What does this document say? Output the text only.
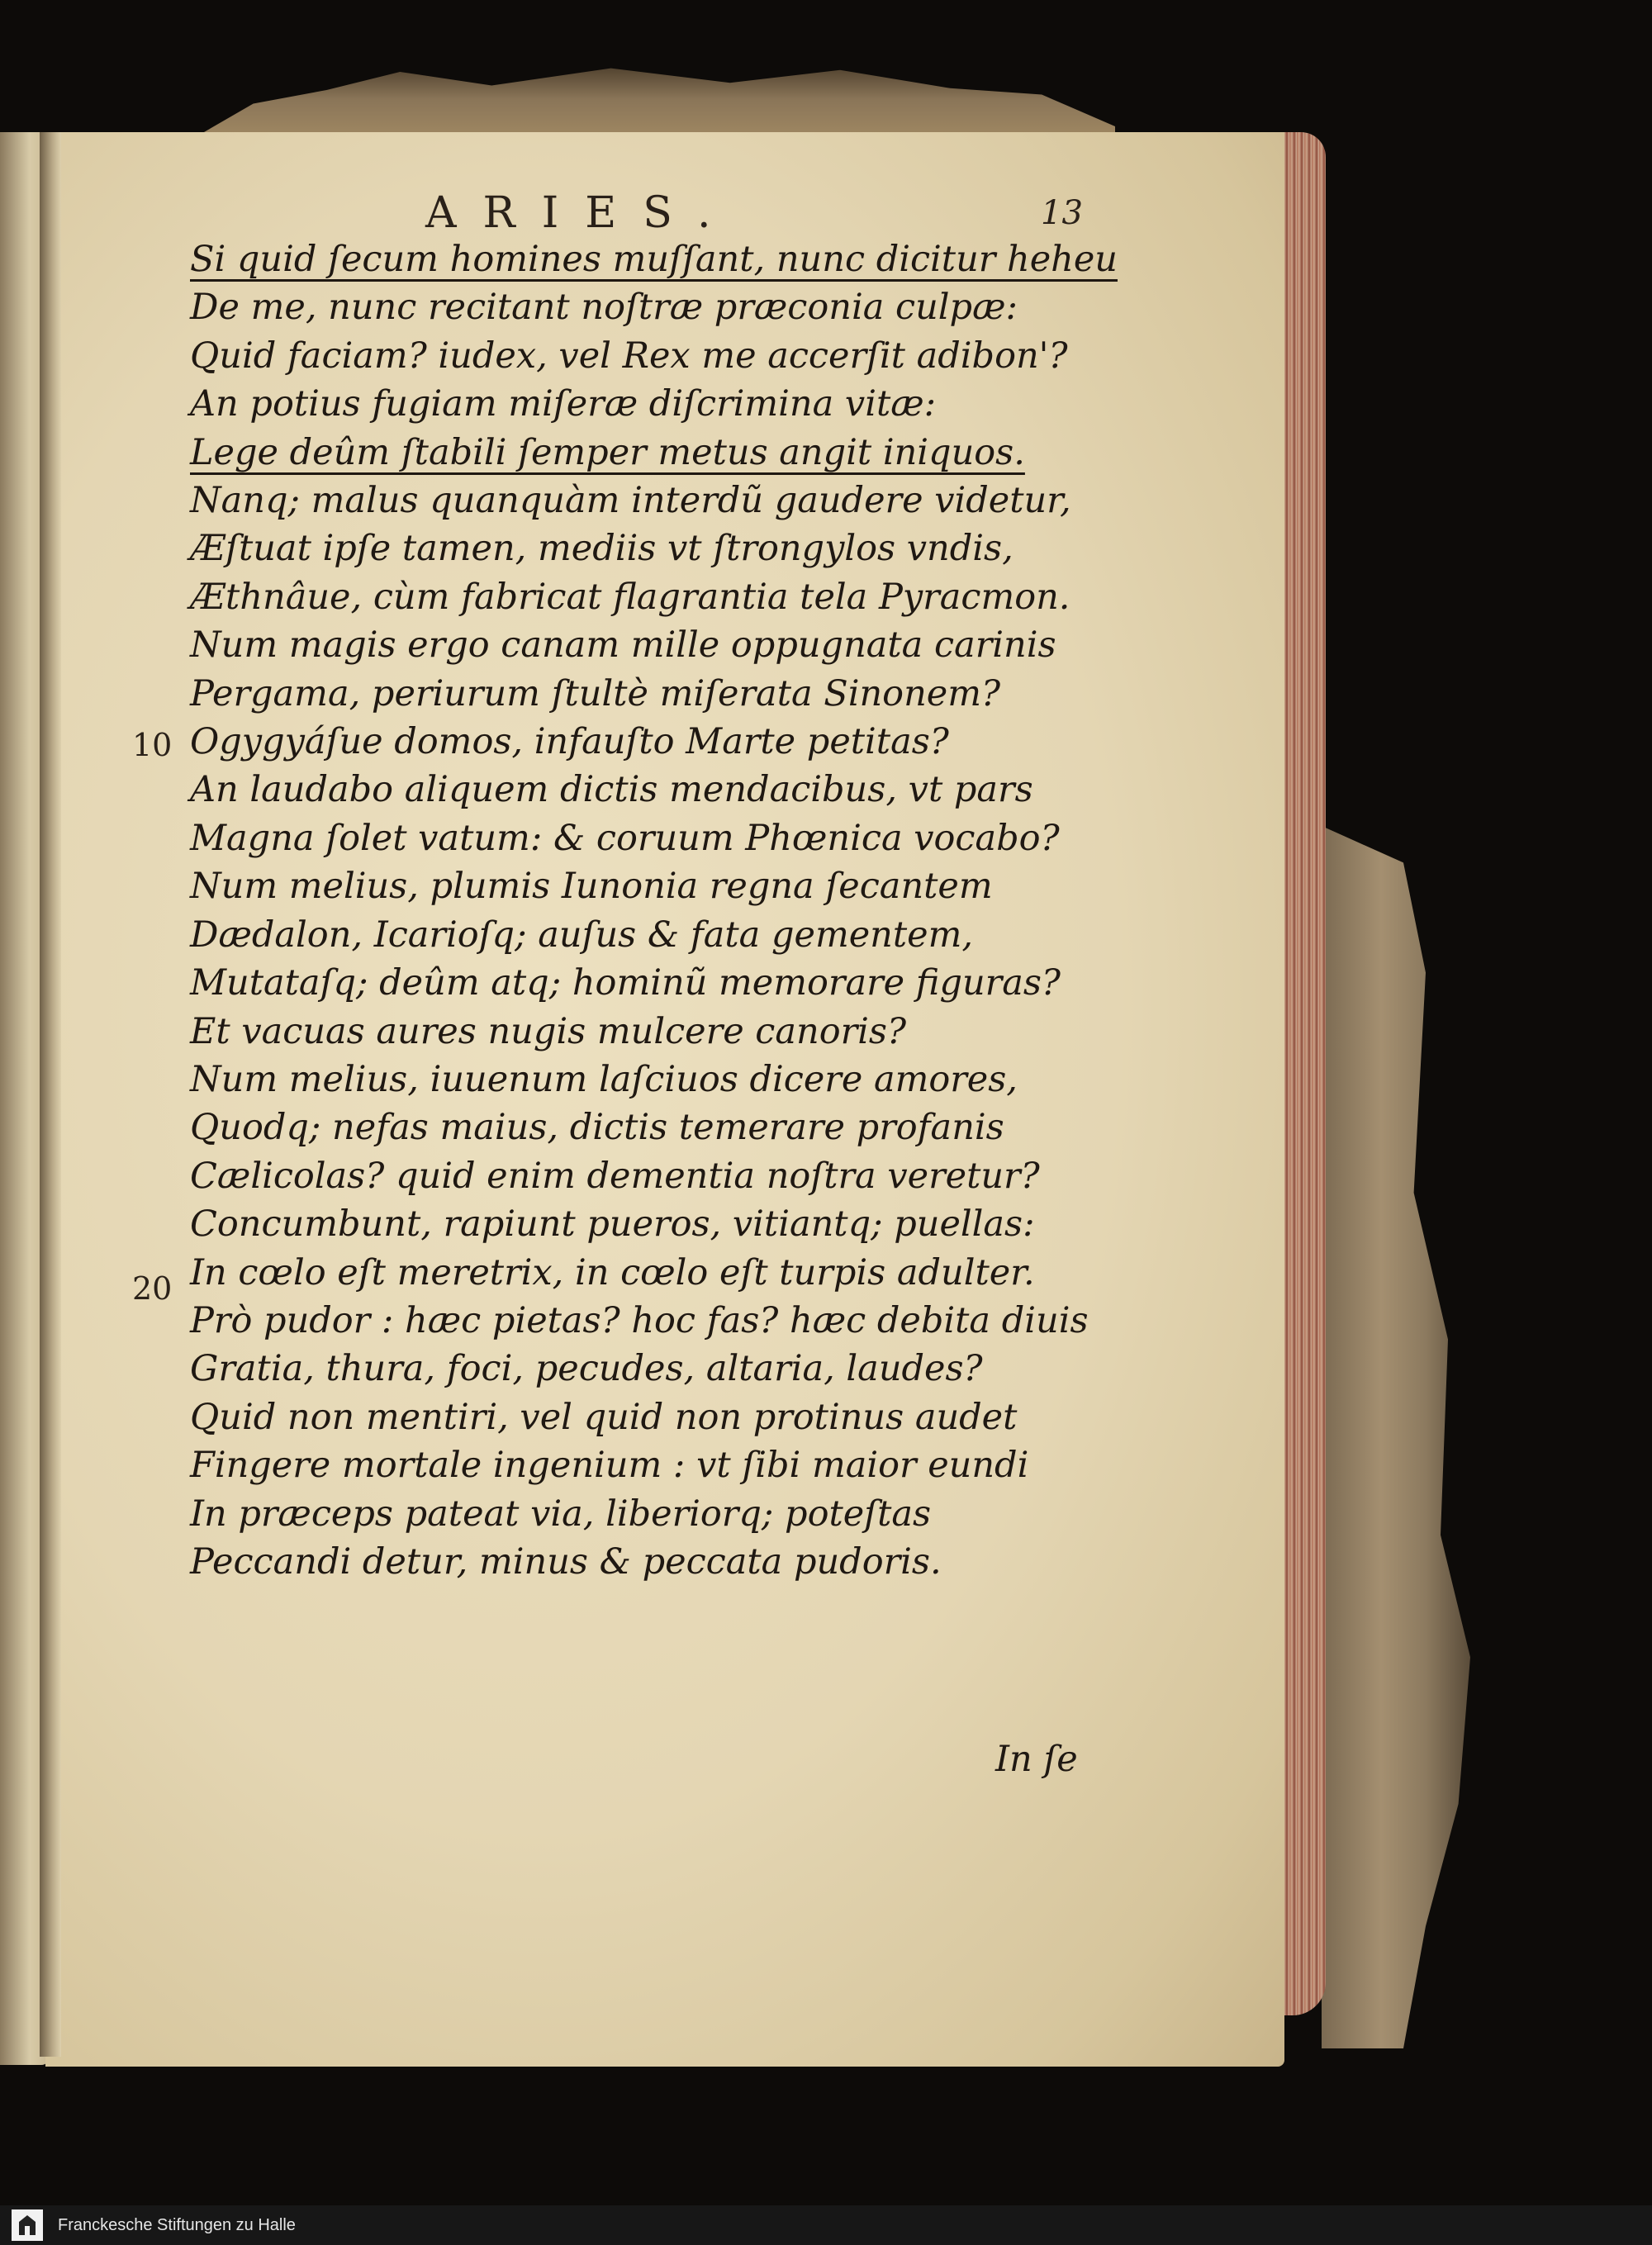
ARIES.	13
10
20
Si quid ſecum homines muſſant, nunc dicitur heheu
De me, nunc recitant noſtræ præconia culpæ:
Quid faciam? iudex, vel Rex me accerſit adibon'?
An potius fugiam miſeræ diſcrimina vitæ:
Lege deûm ſtabili ſemper metus angit iniquos.
Nanq; malus quanquàm interdũ gaudere videtur,
Æſtuat ipſe tamen, mediis vt ſtrongylos vndis,
Æthnâue, cùm fabricat flagrantia tela Pyracmon.
Num magis ergo canam mille oppugnata carinis
Pergama, periurum ſtultè miſerata Sinonem?
Ogygyáſue domos, infauſto Marte petitas?
An laudabo aliquem dictis mendacibus, vt pars
Magna ſolet vatum: & coruum Phœnica vocabo?
Num melius, plumis Iunonia regna ſecantem
Dædalon, Icarioſq; auſus & fata gementem,
Mutataſq; deûm atq; hominũ memorare figuras?
Et vacuas aures nugis mulcere canoris?
Num melius, iuuenum laſciuos dicere amores,
Quodq; nefas maius, dictis temerare profanis
Cælicolas? quid enim dementia noſtra veretur?
Concumbunt, rapiunt pueros, vitiantq; puellas:
In cœlo eſt meretrix, in cœlo eſt turpis adulter.
Prò pudor : hæc pietas? hoc fas? hæc debita diuis
Gratia, thura, foci, pecudes, altaria, laudes?
Quid non mentiri, vel quid non protinus audet
Fingere mortale ingenium : vt ſibi maior eundi
In præceps pateat via, liberiorq; poteſtas
Peccandi detur, minus & peccata pudoris.
In ſe
Franckesche Stiftungen zu Halle
